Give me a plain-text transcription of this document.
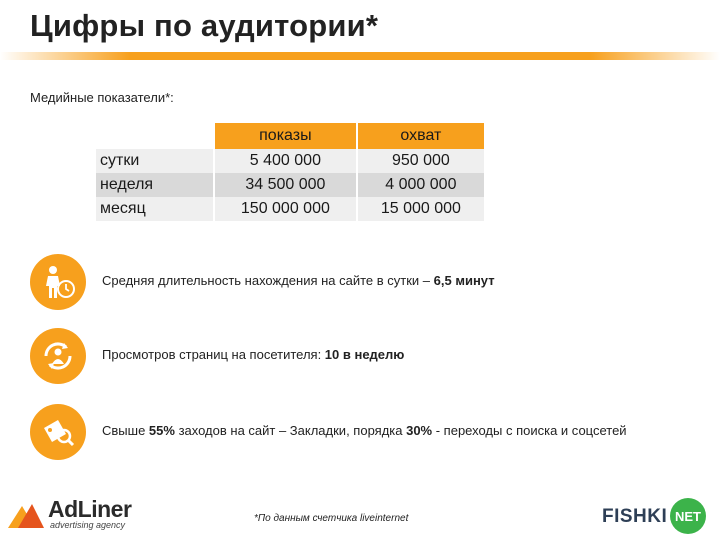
Цифры по аудитории*
Медийные показатели*:
	показы	охват
сутки	5 400 000	950 000
неделя	34 500 000	4 000 000
месяц	150 000 000	15 000 000
Средняя длительность нахождения на сайте в сутки – 6,5 минут
Просмотров страниц на посетителя: 10 в неделю
Свыше 55% заходов на сайт – Закладки, порядка 30% - переходы с поиска и соцсетей
AdLiner
advertising agency
*По данным счетчика liveinternet	FISHKI NET
